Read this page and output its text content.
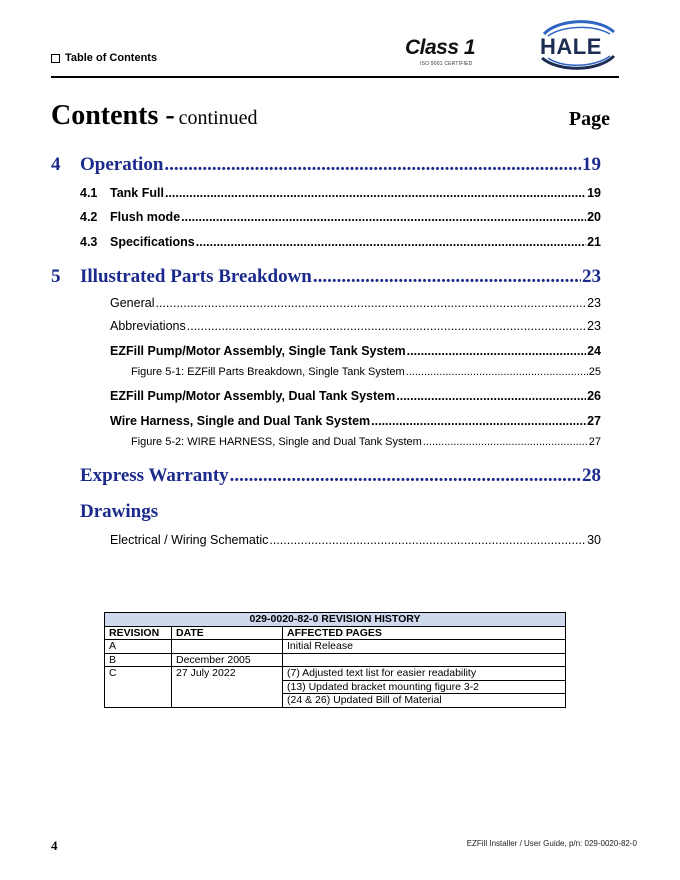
Table of Contents	Class 1
ISO 9001 CERTIFIED
HALE
Contents - continued	Page
4	Operation .....	19
4.1	Tank Full .....	19
4.2	Flush mode .....	20
4.3	Specifications .....	21
5	Illustrated Parts Breakdown .....	23
General .....	23
Abbreviations .....	23
EZFill Pump/Motor Assembly, Single Tank System .....	24
Figure 5-1: EZFill Parts Breakdown, Single Tank System .....	25
EZFill Pump/Motor Assembly, Dual Tank System .....	26
Wire Harness, Single and Dual Tank System .....	27
Figure 5-2: WIRE HARNESS, Single and Dual Tank System .....	27
Express Warranty .....	28
Drawings
Electrical / Wiring Schematic .....	30
029-0020-82-0 REVISION HISTORY		
REVISION	DATE	AFFECTED PAGES
A		Initial Release
B	December 2005	
C	27 July 2022	(7) Adjusted text list for easier readability
		(13) Updated bracket mounting figure 3-2
		(24 & 26) Updated Bill of Material
4	EZFill Installer / User Guide, p/n: 029-0020-82-0
